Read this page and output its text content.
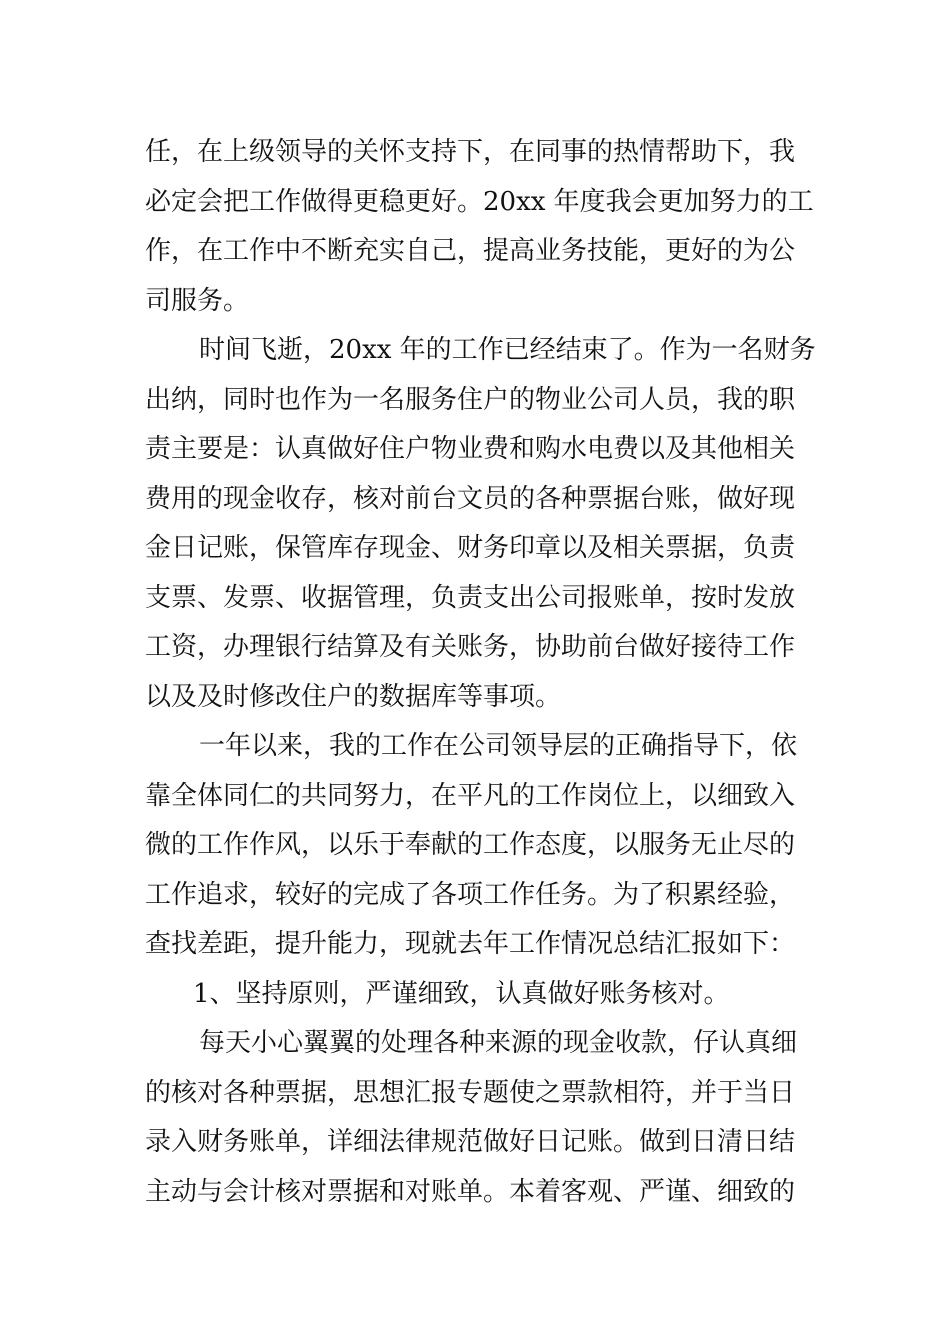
任，在上级领导的关怀支持下，在同事的热情帮助下，我
必定会把工作做得更稳更好。20xx 年度我会更加努力的工
作，在工作中不断充实自己，提高业务技能，更好的为公
司服务。
时间飞逝，20xx 年的工作已经结束了。作为一名财务
出纳，同时也作为一名服务住户的物业公司人员，我的职
责主要是：认真做好住户物业费和购水电费以及其他相关
费用的现金收存，核对前台文员的各种票据台账，做好现
金日记账，保管库存现金、财务印章以及相关票据，负责
支票、发票、收据管理，负责支出公司报账单，按时发放
工资，办理银行结算及有关账务，协助前台做好接待工作
以及及时修改住户的数据库等事项。
一年以来，我的工作在公司领导层的正确指导下，依
靠全体同仁的共同努力，在平凡的工作岗位上，以细致入
微的工作作风，以乐于奉献的工作态度，以服务无止尽的
工作追求，较好的完成了各项工作任务。为了积累经验，
查找差距，提升能力，现就去年工作情况总结汇报如下：
1、坚持原则，严谨细致，认真做好账务核对。
每天小心翼翼的处理各种来源的现金收款，仔认真细
的核对各种票据，思想汇报专题使之票款相符，并于当日
录入财务账单，详细法律规范做好日记账。做到日清日结
主动与会计核对票据和对账单。本着客观、严谨、细致的
